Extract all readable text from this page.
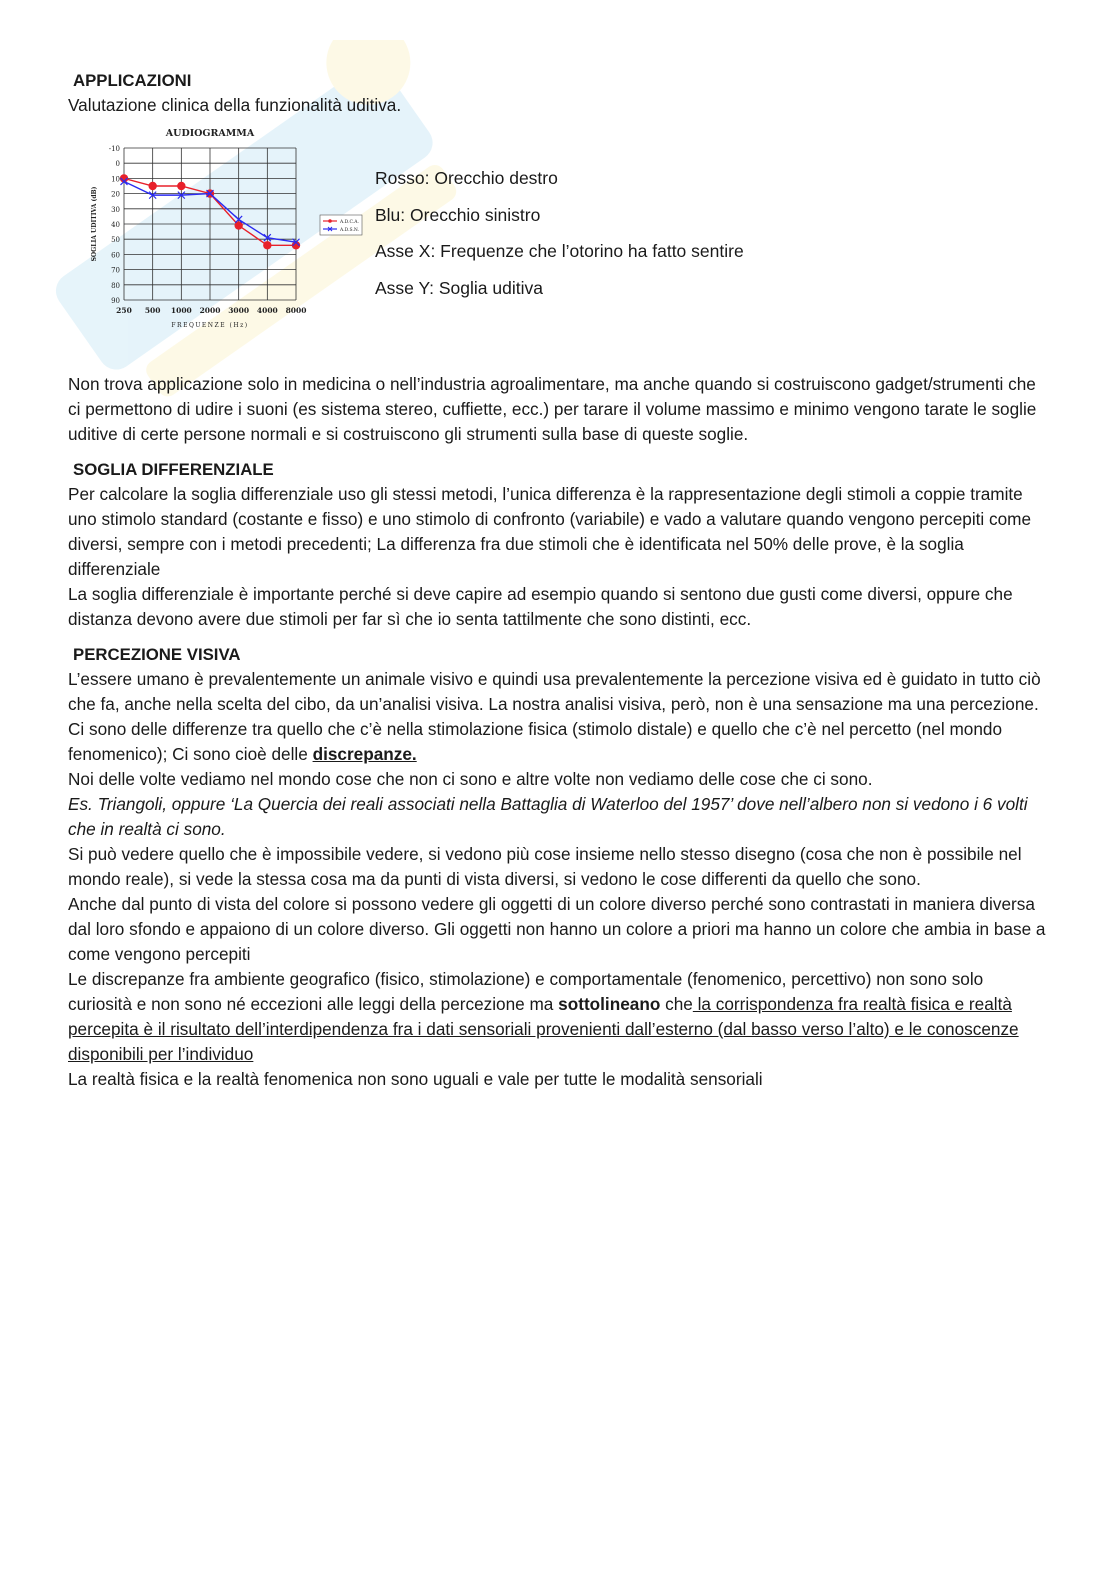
APPLICAZIONI

Valutazione clinica della funzionalità uditiva.

AUDIOGRAMMA
-10
0
10
20
30
40
50
60
70
80
90
250 500 1000 2000 3000 4000 8000
FREQUENZE (Hz)
SOGLIA UDITIVA (dB)	A.D.C.A.
A.D.S.N.

Rosso: Orecchio destro

Blu: Orecchio sinistro

Asse X: Frequenze che l’otorino ha fatto sentire

Asse Y: Soglia uditiva

Non trova applicazione solo in medicina o nell’industria agroalimentare, ma anche quando si costruiscono gadget/strumenti che ci permettono di udire i suoni (es sistema stereo, cuffiette, ecc.) per tarare il volume massimo e minimo vengono tarate le soglie uditive di certe persone normali e si costruiscono gli strumenti sulla base di queste soglie.

SOGLIA DIFFERENZIALE

Per calcolare la soglia differenziale uso gli stessi metodi, l’unica differenza è la rappresentazione degli stimoli a coppie tramite uno stimolo standard (costante e fisso) e uno stimolo di confronto (variabile) e vado a valutare quando vengono percepiti come diversi, sempre con i metodi precedenti; La differenza fra due stimoli che è identificata nel 50% delle prove, è la soglia differenziale

La soglia differenziale è importante perché si deve capire ad esempio quando si sentono due gusti come diversi, oppure che distanza devono avere due stimoli per far sì che io senta tattilmente che sono distinti, ecc.

PERCEZIONE VISIVA

L’essere umano è prevalentemente un animale visivo e quindi usa prevalentemente la percezione visiva ed è guidato in tutto ciò che fa, anche nella scelta del cibo, da un’analisi visiva. La nostra analisi visiva, però, non è una sensazione ma una percezione.

Ci sono delle differenze tra quello che c’è nella stimolazione fisica (stimolo distale) e quello che c’è nel percetto (nel mondo fenomenico); Ci sono cioè delle discrepanze.

Noi delle volte vediamo nel mondo cose che non ci sono e altre volte non vediamo delle cose che ci sono.

Es. Triangoli, oppure ‘La Quercia dei reali associati nella Battaglia di Waterloo del 1957’ dove nell’albero non si vedono i 6 volti che in realtà ci sono.

Si può vedere quello che è impossibile vedere, si vedono più cose insieme nello stesso disegno (cosa che non è possibile nel mondo reale), si vede la stessa cosa ma da punti di vista diversi, si vedono le cose differenti da quello che sono.

Anche dal punto di vista del colore si possono vedere gli oggetti di un colore diverso perché sono contrastati in maniera diversa dal loro sfondo e appaiono di un colore diverso. Gli oggetti non hanno un colore a priori ma hanno un colore che ambia in base a come vengono percepiti

Le discrepanze fra ambiente geografico (fisico, stimolazione) e comportamentale (fenomenico, percettivo) non sono solo curiosità e non sono né eccezioni alle leggi della percezione ma sottolineano che la corrispondenza fra realtà fisica e realtà percepita è il risultato dell’interdipendenza fra i dati sensoriali provenienti dall’esterno (dal basso verso l’alto) e le conoscenze disponibili per l’individuo

La realtà fisica e la realtà fenomenica non sono uguali e vale per tutte le modalità sensoriali
